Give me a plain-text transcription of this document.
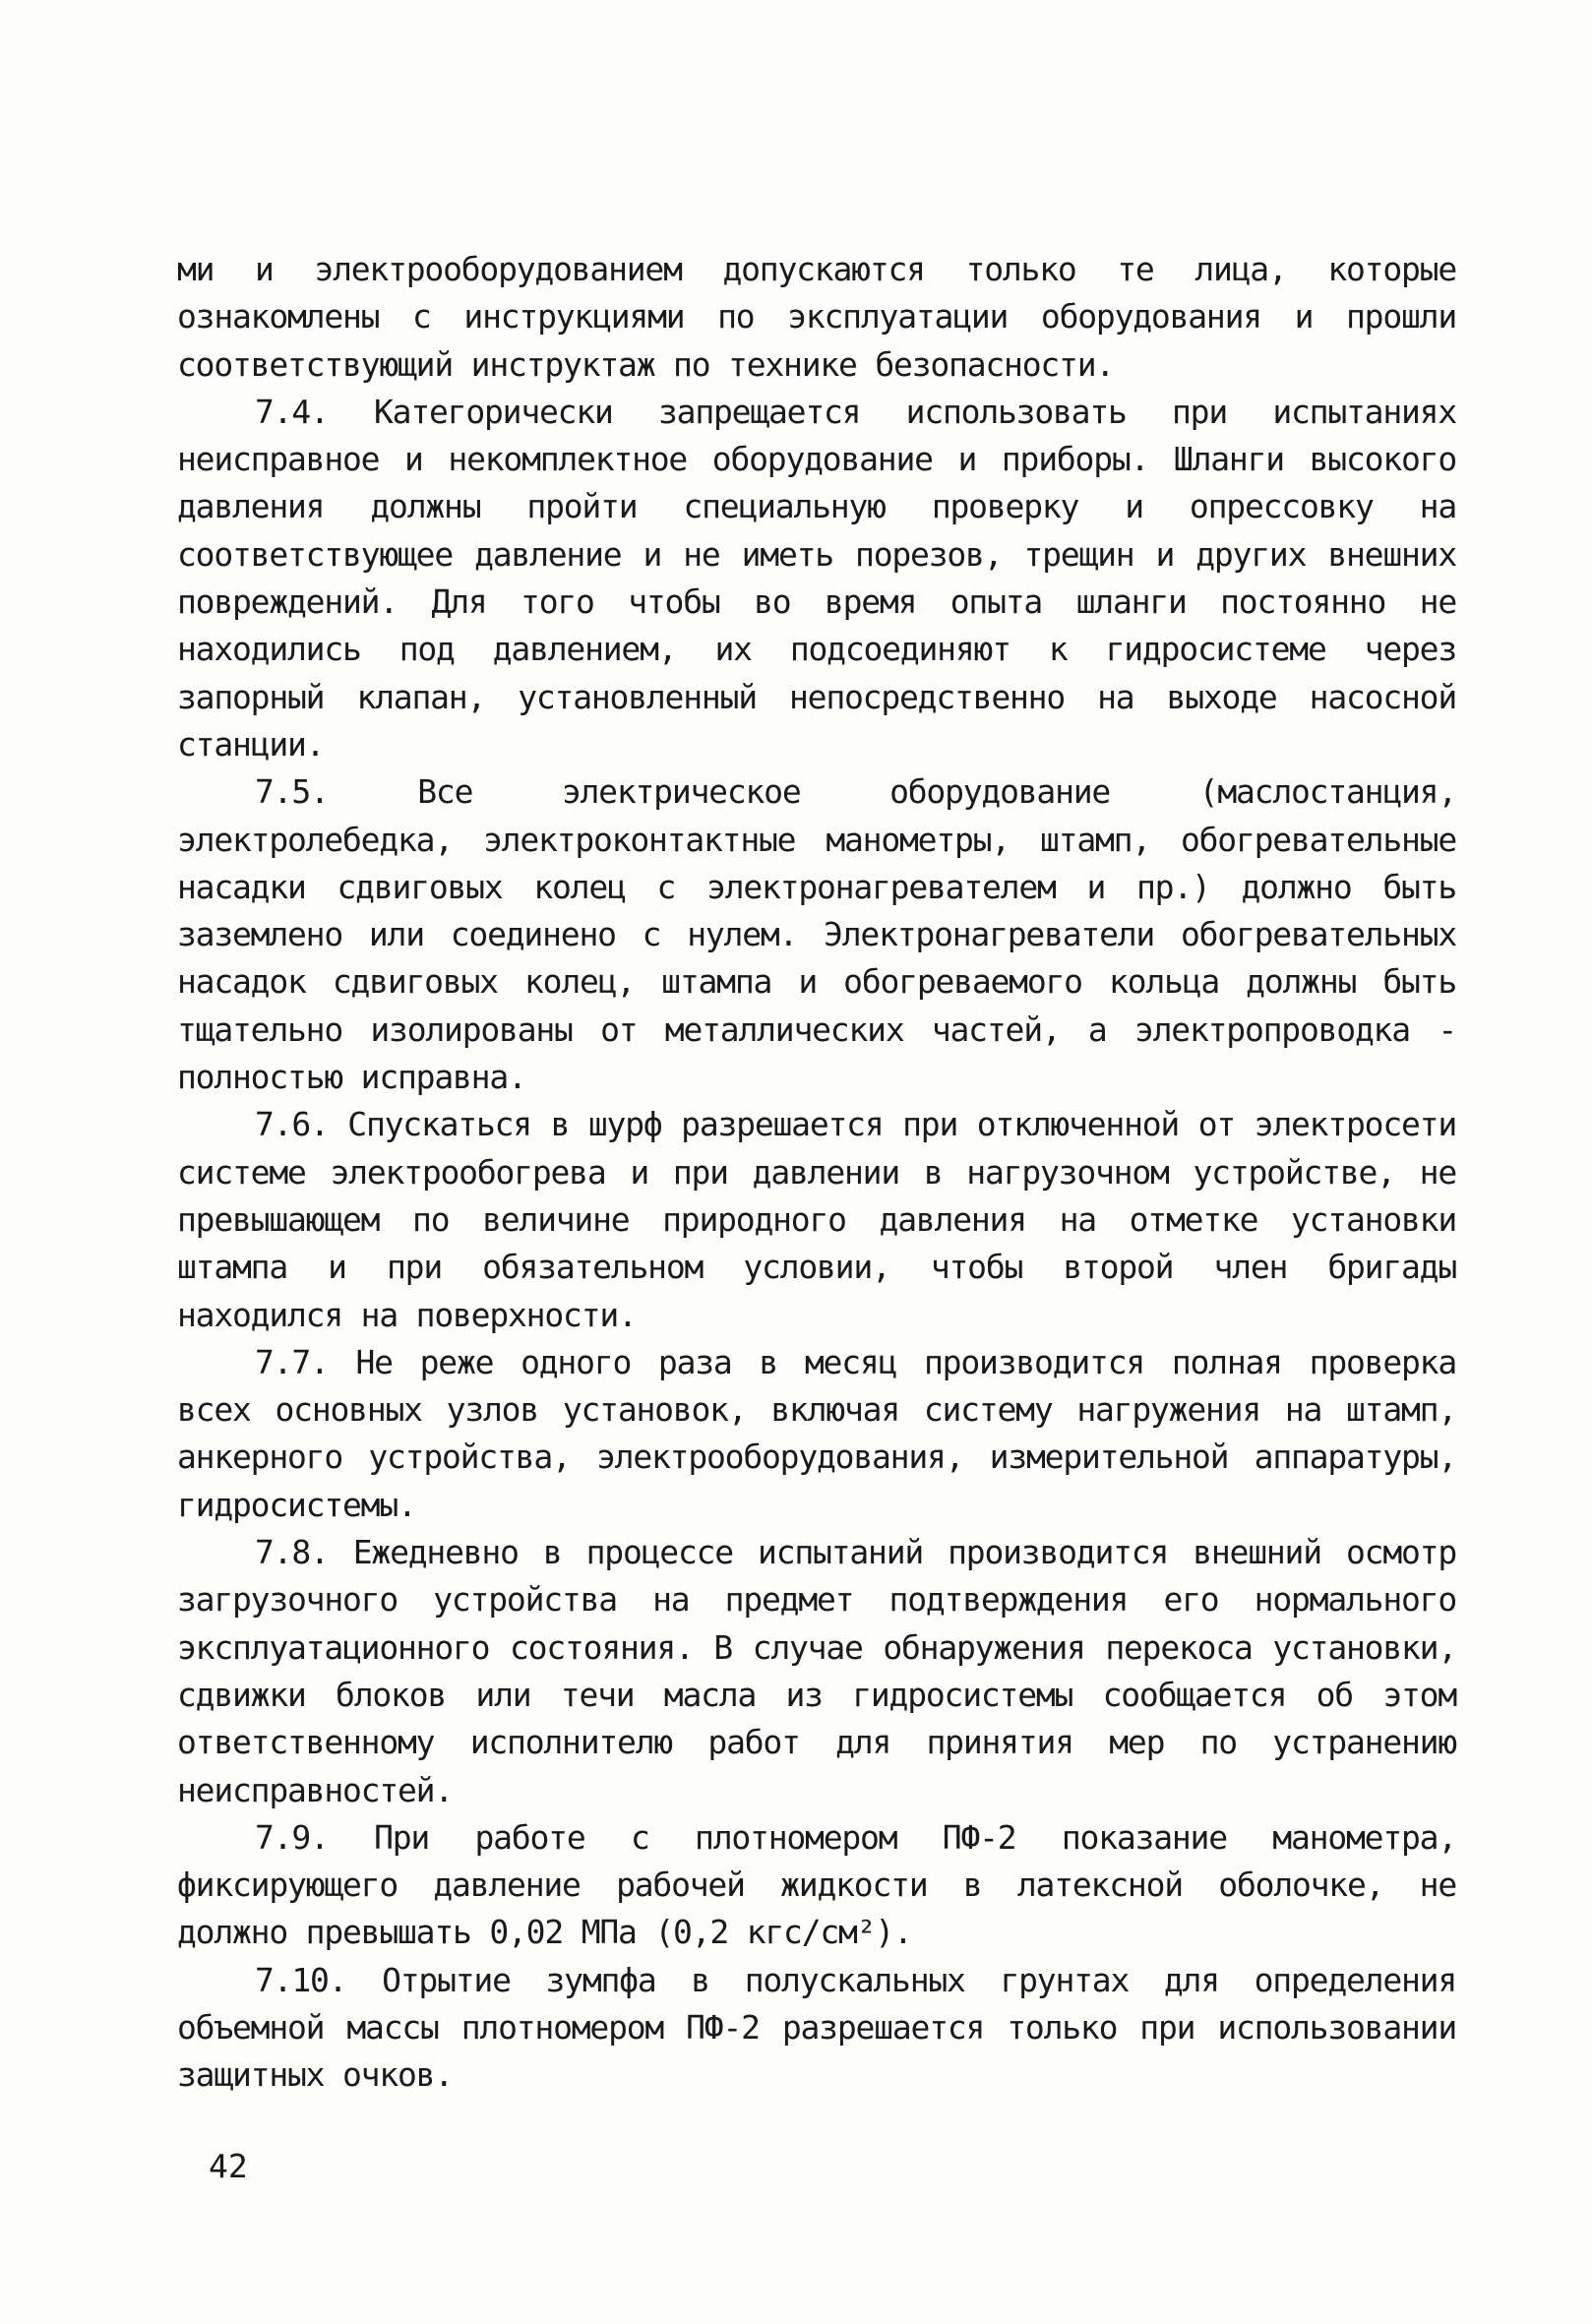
ми и электрооборудованием допускаются только те лица, которые ознакомлены с инструкциями по эксплуатации оборудования и прошли соответствующий инструктаж по технике безопасности.

7.4. Категорически запрещается использовать при испытаниях неисправное и некомплектное оборудование и приборы. Шланги высокого давления должны пройти специальную проверку и опрессовку на соответствующее давление и не иметь порезов, трещин и других внешних повреждений. Для того чтобы во время опыта шланги постоянно не находились под давлением, их подсоединяют к гидросистеме через запорный клапан, установленный непосредственно на выходе насосной станции.

7.5. Все электрическое оборудование (маслостанция, электролебедка, электроконтактные манометры, штамп, обогревательные насадки сдвиговых колец с электронагревателем и пр.) должно быть заземлено или соединено с нулем. Электронагреватели обогревательных насадок сдвиговых колец, штампа и обогреваемого кольца должны быть тщательно изолированы от металлических частей, а электропроводка - полностью исправна.

7.6. Спускаться в шурф разрешается при отключенной от электросети системе электрообогрева и при давлении в нагрузочном устройстве, не превышающем по величине природного давления на отметке установки штампа и при обязательном условии, чтобы второй член бригады находился на поверхности.

7.7. Не реже одного раза в месяц производится полная проверка всех основных узлов установок, включая систему нагружения на штамп, анкерного устройства, электрооборудования, измерительной аппаратуры, гидросистемы.

7.8. Ежедневно в процессе испытаний производится внешний осмотр загрузочного устройства на предмет подтверждения его нормального эксплуатационного состояния. В случае обнаружения перекоса установки, сдвижки блоков или течи масла из гидросистемы сообщается об этом ответственному исполнителю работ для принятия мер по устранению неисправностей.

7.9. При работе с плотномером ПФ-2 показание манометра, фиксирующего давление рабочей жидкости в латексной оболочке, не должно превышать 0,02 МПа (0,2 кгс/см²).

7.10. Отрытие зумпфа в полускальных грунтах для определения объемной массы плотномером ПФ-2 разрешается только при использовании защитных очков.

42
